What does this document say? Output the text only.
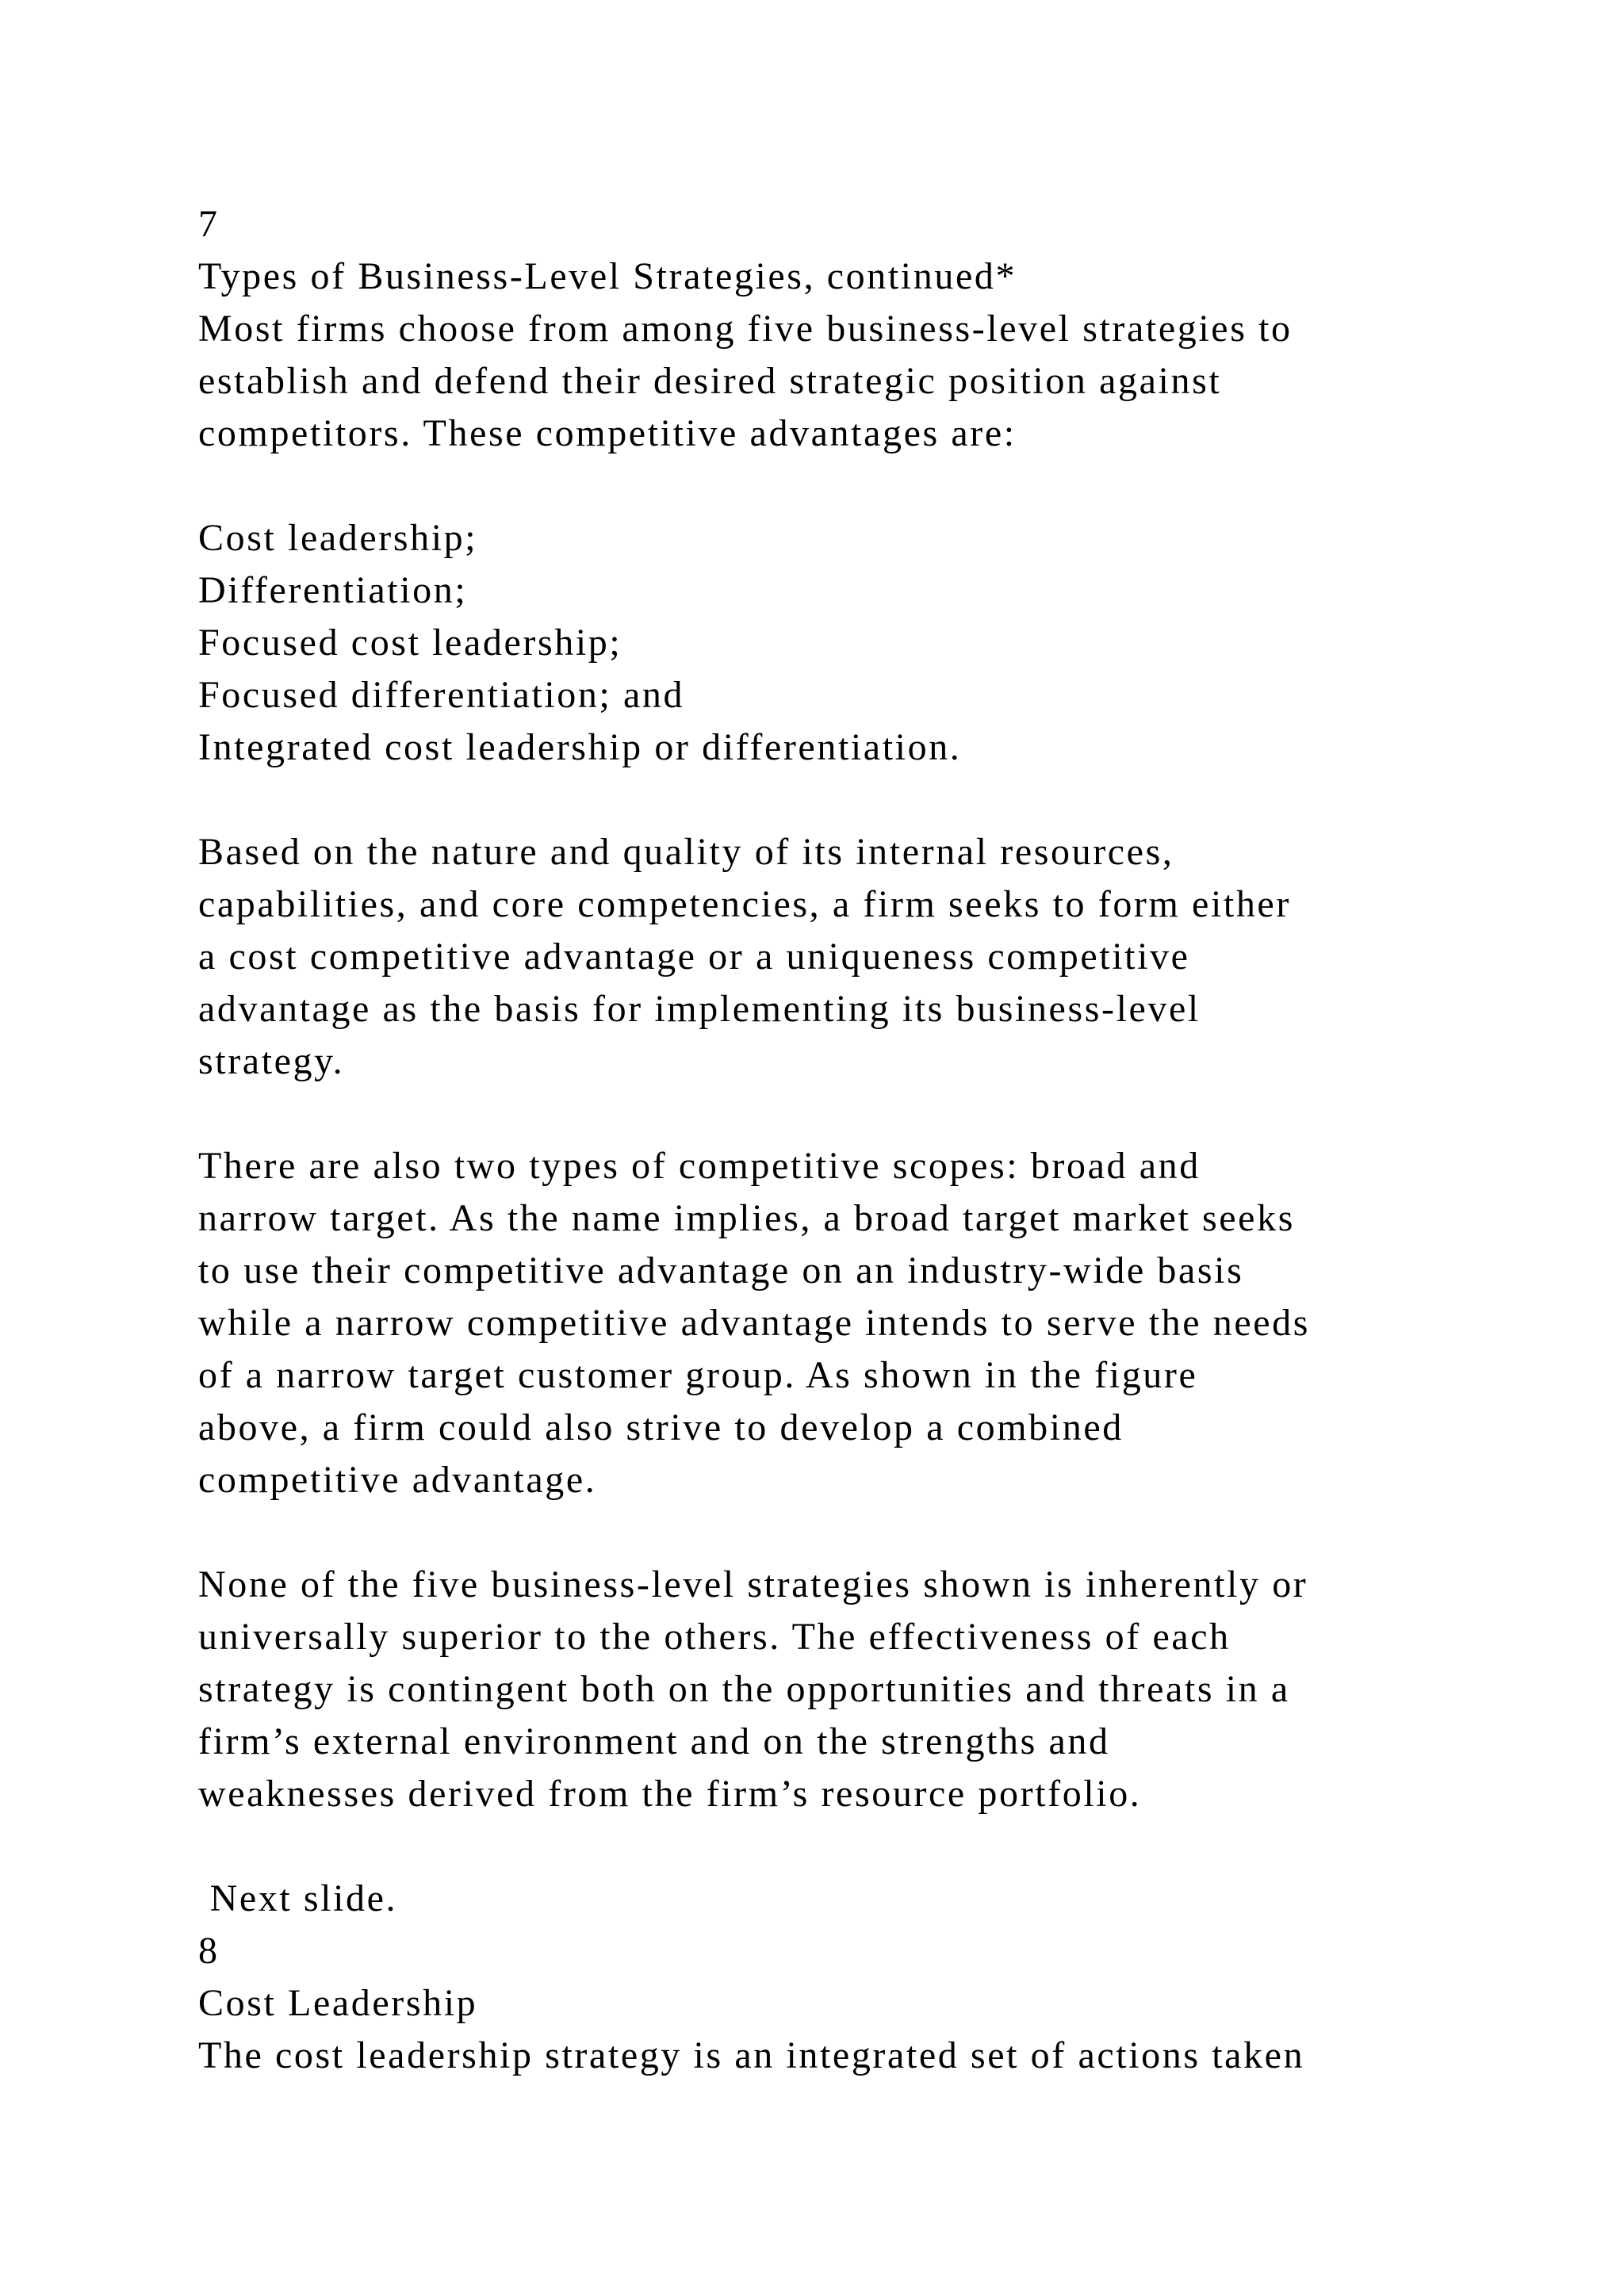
7
Types of Business-Level Strategies, continued*
Most firms choose from among five business-level strategies to
establish and defend their desired strategic position against
competitors. These competitive advantages are:
Cost leadership;
Differentiation;
Focused cost leadership;
Focused differentiation; and
Integrated cost leadership or differentiation.
Based on the nature and quality of its internal resources,
capabilities, and core competencies, a firm seeks to form either
a cost competitive advantage or a uniqueness competitive
advantage as the basis for implementing its business-level
strategy.
There are also two types of competitive scopes: broad and
narrow target. As the name implies, a broad target market seeks
to use their competitive advantage on an industry-wide basis
while a narrow competitive advantage intends to serve the needs
of a narrow target customer group. As shown in the figure
above, a firm could also strive to develop a combined
competitive advantage.
None of the five business-level strategies shown is inherently or
universally superior to the others. The effectiveness of each
strategy is contingent both on the opportunities and threats in a
firm’s external environment and on the strengths and
weaknesses derived from the firm’s resource portfolio.
Next slide.
8
Cost Leadership
The cost leadership strategy is an integrated set of actions taken
